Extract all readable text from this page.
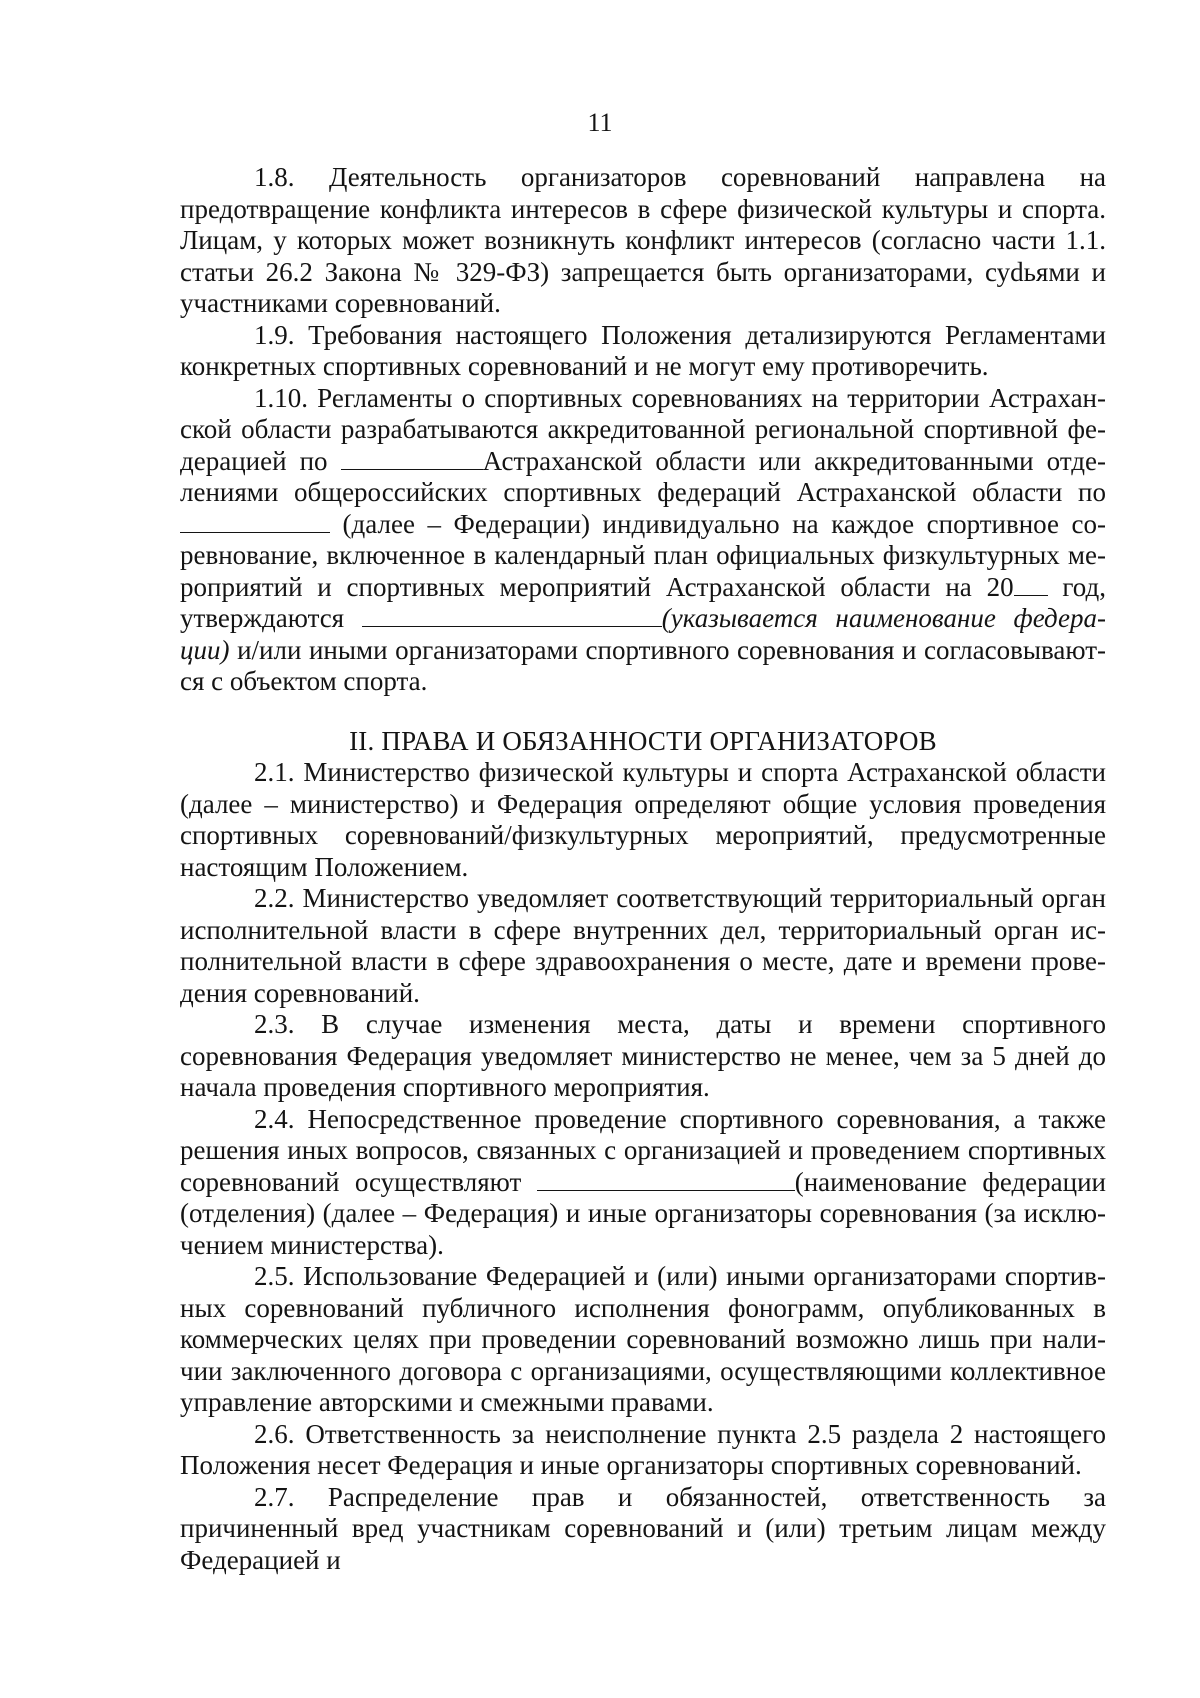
11

1.8. Деятельность организаторов соревнований направлена на предотвращение конфликта интересов в сфере физической культуры и спорта. Лицам, у которых может возникнуть конфликт интересов (согласно части 1.1. статьи 26.2 Закона № 329-ФЗ) запрещается быть организаторами, суdьями и участниками соревнований.

1.9. Требования настоящего Положения детализируются Регламентами конкретных спортивных соревнований и не могут ему противоречить.

1.10. Регламенты о спортивных соревнованиях на территории Астраханской области разрабатываются аккредитованной региональной спортивной федерацией по	Астраханской области или аккредитованными отделениями общероссийских спортивных федераций Астраханской области по  (далее – Федерации) индивидуально на каждое спортивное соревнование, включенное в календарный план официальных физкультурных мероприятий и спортивных мероприятий Астраханской области на 20 год, утверждаются	(указывается наименование федерации) и/или иными организаторами спортивного соревнования и согласовываются с объектом спорта.

II. ПРАВА И ОБЯЗАННОСТИ ОРГАНИЗАТОРОВ

2.1. Министерство физической культуры и спорта Астраханской области (далее – министерство) и Федерация определяют общие условия проведения спортивных соревнований/физкультурных мероприятий, предусмотренные настоящим Положением.

2.2. Министерство уведомляет соответствующий территориальный орган исполнительной власти в сфере внутренних дел, территориальный орган исполнительной власти в сфере здравоохранения о месте, дате и времени проведения соревнований.

2.3. В случае изменения места, даты и времени спортивного соревнования Федерация уведомляет министерство не менее, чем за 5 дней до начала проведения спортивного мероприятия.

2.4. Непосредственное проведение спортивного соревнования, а также решения иных вопросов, связанных с организацией и проведением спортивных соревнований осуществляют	(наименование федерации (отделения) (далее – Федерация) и иные организаторы соревнования (за исключением министерства).

2.5. Использование Федерацией и (или) иными организаторами спортивных соревнований публичного исполнения фонограмм, опубликованных в коммерческих целях при проведении соревнований возможно лишь при наличии заключенного договора с организациями, осуществляющими коллективное управление авторскими и смежными правами.

2.6. Ответственность за неисполнение пункта 2.5 раздела 2 настоящего Положения несет Федерация и иные организаторы спортивных соревнований.

2.7. Распределение прав и обязанностей, ответственность за причиненный вред участникам соревнований и (или) третьим лицам между Федерацией и
